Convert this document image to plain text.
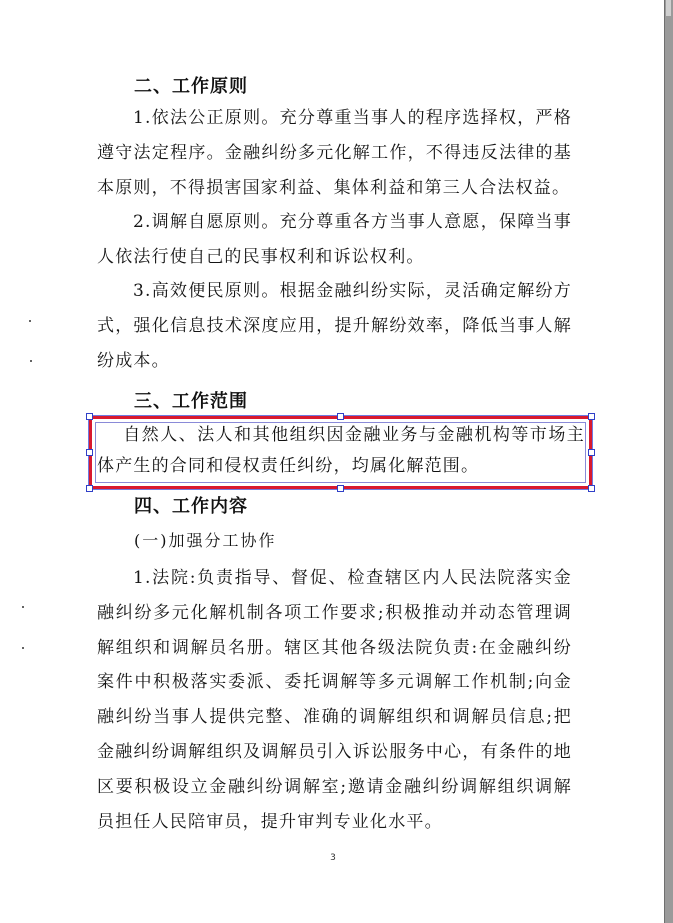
二、工作原则
1.依法公正原则。充分尊重当事人的程序选择权，严格遵守法定程序。金融纠纷多元化解工作，不得违反法律的基本原则，不得损害国家利益、集体利益和第三人合法权益。
2.调解自愿原则。充分尊重各方当事人意愿，保障当事人依法行使自己的民事权利和诉讼权利。
3.高效便民原则。根据金融纠纷实际，灵活确定解纷方式，强化信息技术深度应用，提升解纷效率，降低当事人解纷成本。
三、工作范围
自然人、法人和其他组织因金融业务与金融机构等市场主体产生的合同和侵权责任纠纷，均属化解范围。
四、工作内容
(一)加强分工协作
1.法院:负责指导、督促、检查辖区内人民法院落实金融纠纷多元化解机制各项工作要求;积极推动并动态管理调解组织和调解员名册。辖区其他各级法院负责:在金融纠纷案件中积极落实委派、委托调解等多元调解工作机制;向金融纠纷当事人提供完整、准确的调解组织和调解员信息;把金融纠纷调解组织及调解员引入诉讼服务中心，有条件的地区要积极设立金融纠纷调解室;邀请金融纠纷调解组织调解员担任人民陪审员，提升审判专业化水平。
3
